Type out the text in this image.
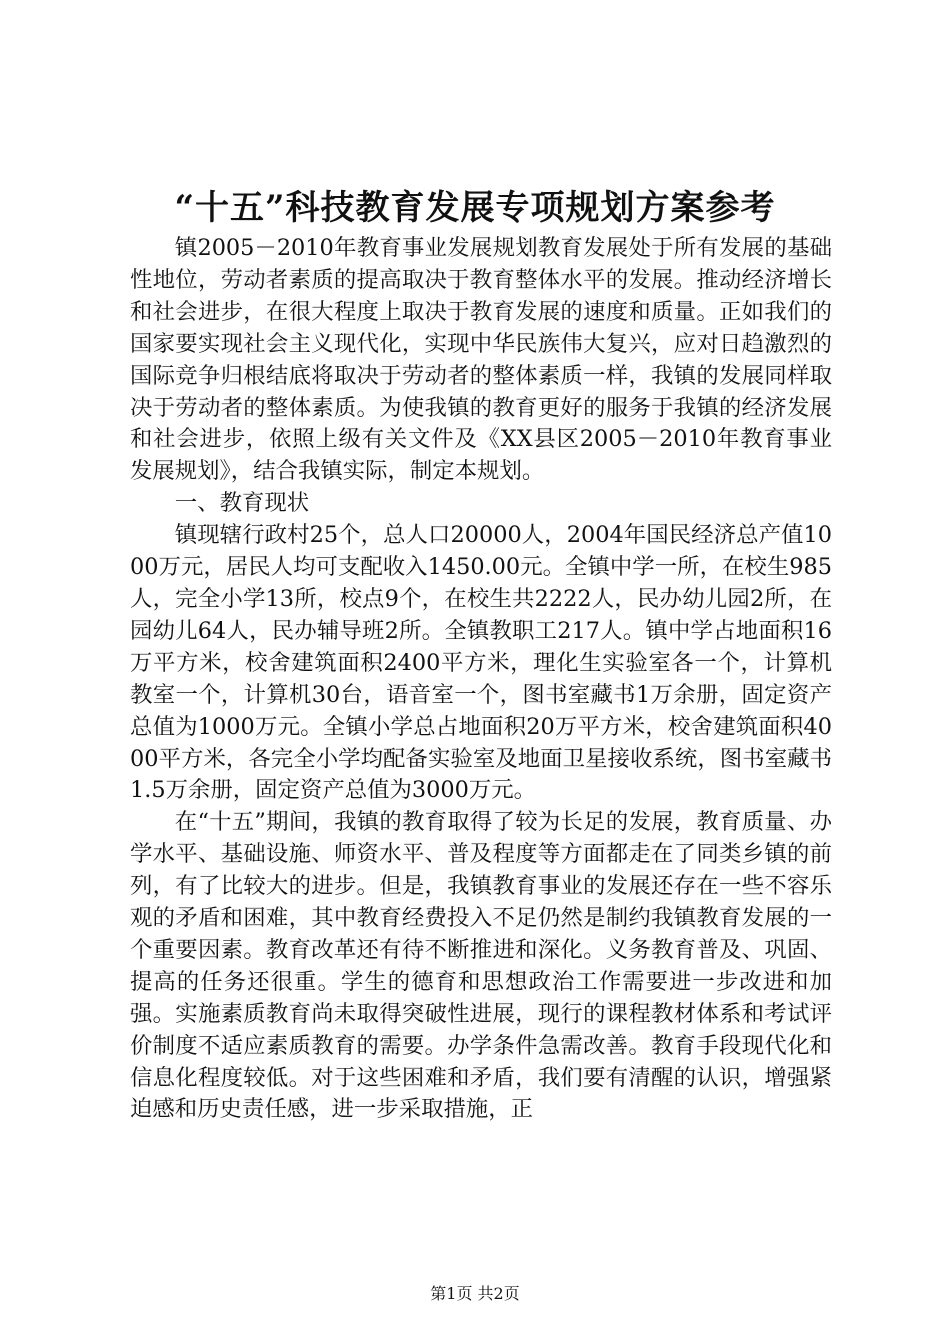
“十五”科技教育发展专项规划方案参考

镇2005－2010年教育事业发展规划教育发展处于所有发展的基础性地位，劳动者素质的提高取决于教育整体水平的发展。推动经济增长和社会进步，在很大程度上取决于教育发展的速度和质量。正如我们的国家要实现社会主义现代化，实现中华民族伟大复兴，应对日趋激烈的国际竞争归根结底将取决于劳动者的整体素质一样，我镇的发展同样取决于劳动者的整体素质。为使我镇的教育更好的服务于我镇的经济发展和社会进步，依照上级有关文件及《XX县区2005－2010年教育事业发展规划》，结合我镇实际，制定本规划。

一、教育现状

镇现辖行政村25个，总人口20000人，2004年国民经济总产值1000万元，居民人均可支配收入1450.00元。全镇中学一所，在校生985人，完全小学13所，校点9个，在校生共2222人，民办幼儿园2所，在园幼儿64人，民办辅导班2所。全镇教职工217人。镇中学占地面积16万平方米，校舍建筑面积2400平方米，理化生实验室各一个，计算机教室一个，计算机30台，语音室一个，图书室藏书1万余册，固定资产总值为1000万元。全镇小学总占地面积20万平方米，校舍建筑面积4000平方米，各完全小学均配备实验室及地面卫星接收系统，图书室藏书1.5万余册，固定资产总值为3000万元。

在“十五”期间，我镇的教育取得了较为长足的发展，教育质量、办学水平、基础设施、师资水平、普及程度等方面都走在了同类乡镇的前列，有了比较大的进步。但是，我镇教育事业的发展还存在一些不容乐观的矛盾和困难，其中教育经费投入不足仍然是制约我镇教育发展的一个重要因素。教育改革还有待不断推进和深化。义务教育普及、巩固、提高的任务还很重。学生的德育和思想政治工作需要进一步改进和加强。实施素质教育尚未取得突破性进展，现行的课程教材体系和考试评价制度不适应素质教育的需要。办学条件急需改善。教育手段现代化和信息化程度较低。对于这些困难和矛盾，我们要有清醒的认识，增强紧迫感和历史责任感，进一步采取措施，正

第1页 共2页
